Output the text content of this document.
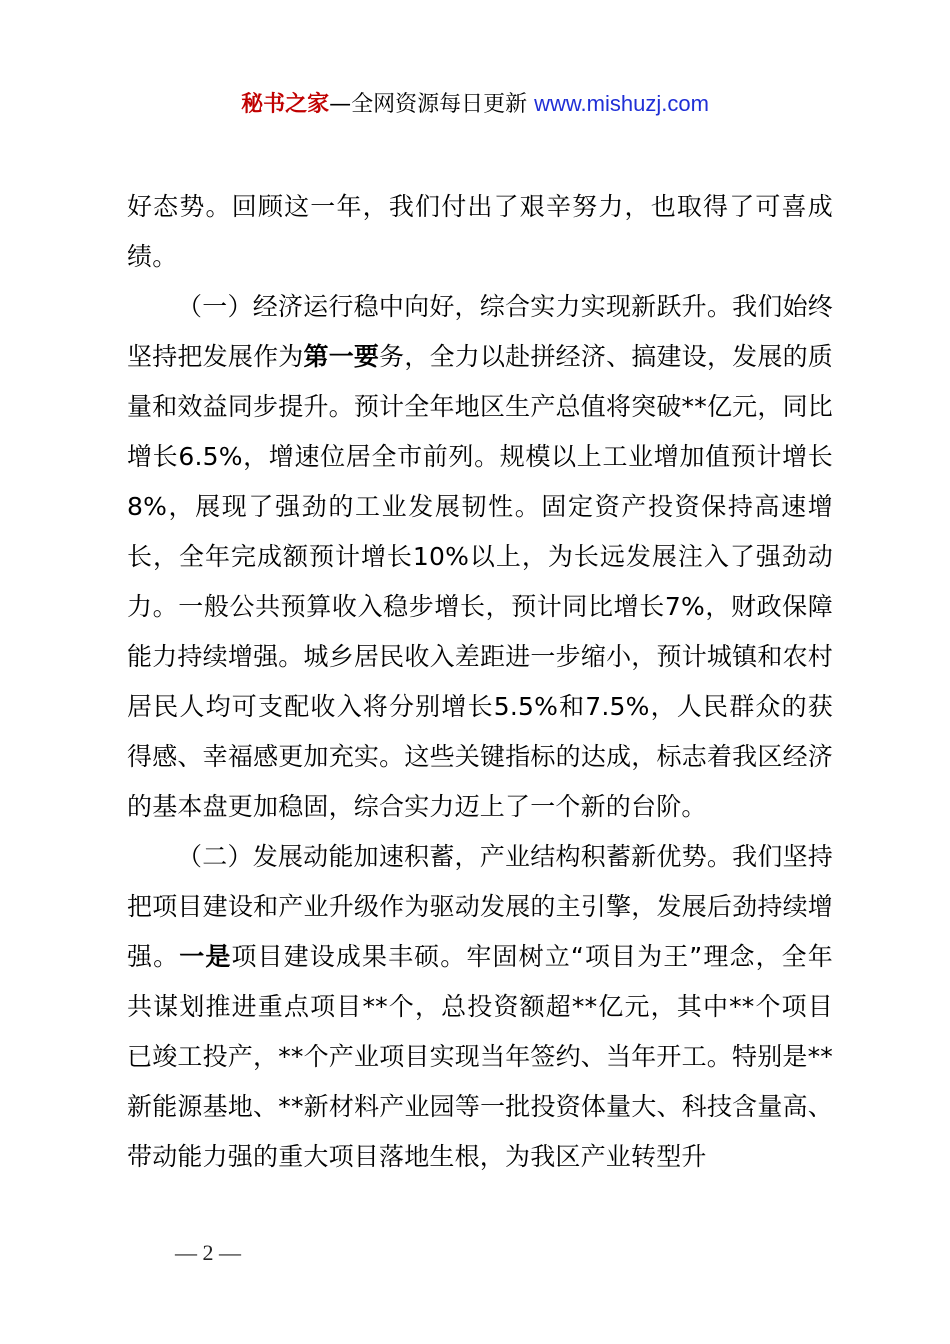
秘书之家—全网资源每日更新 www.mishuzj.com

好态势。回顾这一年，我们付出了艰辛努力，也取得了可喜成绩。

（一）经济运行稳中向好，综合实力实现新跃升。我们始终坚持把发展作为第一要务，全力以赴拼经济、搞建设，发展的质量和效益同步提升。预计全年地区生产总值将突破**亿元，同比增长6.5%，增速位居全市前列。规模以上工业增加值预计增长8%，展现了强劲的工业发展韧性。固定资产投资保持高速增长，全年完成额预计增长10%以上，为长远发展注入了强劲动力。一般公共预算收入稳步增长，预计同比增长7%，财政保障能力持续增强。城乡居民收入差距进一步缩小，预计城镇和农村居民人均可支配收入将分别增长5.5%和7.5%，人民群众的获得感、幸福感更加充实。这些关键指标的达成，标志着我区经济的基本盘更加稳固，综合实力迈上了一个新的台阶。

（二）发展动能加速积蓄，产业结构积蓄新优势。我们坚持把项目建设和产业升级作为驱动发展的主引擎，发展后劲持续增强。一是项目建设成果丰硕。牢固树立“项目为王”理念，全年共谋划推进重点项目**个，总投资额超**亿元，其中**个项目已竣工投产，**个产业项目实现当年签约、当年开工。特别是**新能源基地、**新材料产业园等一批投资体量大、科技含量高、带动能力强的重大项目落地生根，为我区产业转型升

— 2 —
